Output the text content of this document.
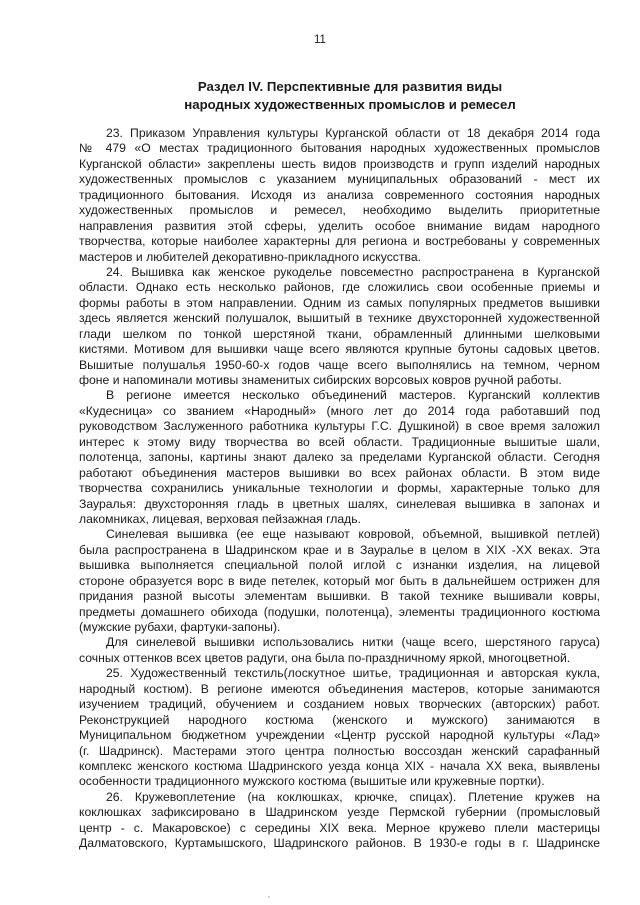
11
Раздел IV. Перспективные для развития виды
народных художественных промыслов и ремесел
23. Приказом Управления культуры Курганской области от 18 декабря 2014 года
№ 479 «О местах традиционного бытования народных художественных промыслов
Курганской области» закреплены шесть видов производств и групп изделий народных
художественных промыслов с указанием муниципальных образований - мест их
традиционного бытования. Исходя из анализа современного состояния народных
художественных промыслов и ремесел, необходимо выделить приоритетные
направления развития этой сферы, уделить особое внимание видам народного
творчества, которые наиболее характерны для региона и востребованы у современных
мастеров и любителей декоративно-прикладного искусства.
24. Вышивка как женское рукоделье повсеместно распространена в Курганской
области. Однако есть несколько районов, где сложились свои особенные приемы и
формы работы в этом направлении. Одним из самых популярных предметов вышивки
здесь является женский полушалок, вышитый в технике двухсторонней художественной
глади шелком по тонкой шерстяной ткани, обрамленный длинными шелковыми
кистями. Мотивом для вышивки чаще всего являются крупные бутоны садовых цветов.
Вышитые полушалья 1950-60-х годов чаще всего выполнялись на темном, черном
фоне и напоминали мотивы знаменитых сибирских ворсовых ковров ручной работы.
В регионе имеется несколько объединений мастеров. Курганский коллектив
«Кудесница» со званием «Народный» (много лет до 2014 года работавший под
руководством Заслуженного работника культуры Г.С. Душкиной) в свое время заложил
интерес к этому виду творчества во всей области. Традиционные вышитые шали,
полотенца, запоны, картины знают далеко за пределами Курганской области. Сегодня
работают объединения мастеров вышивки во всех районах области. В этом виде
творчества сохранились уникальные технологии и формы, характерные только для
Зауралья: двухсторонняя гладь в цветных шалях, синелевая вышивка в запонах и
лакомниках, лицевая, верховая пейзажная гладь.
Синелевая вышивка (ее еще называют ковровой, объемной, вышивкой петлей)
была распространена в Шадринском крае и в Зауралье в целом в XIX -XX веках. Эта
вышивка выполняется специальной полой иглой с изнанки изделия, на лицевой
стороне образуется ворс в виде петелек, который мог быть в дальнейшем острижен для
придания разной высоты элементам вышивки. В такой технике вышивали ковры,
предметы домашнего обихода (подушки, полотенца), элементы традиционного костюма
(мужские рубахи, фартуки-запоны).
Для синелевой вышивки использовались нитки (чаще всего, шерстяного гаруса)
сочных оттенков всех цветов радуги, она была по-праздничному яркой, многоцветной.
25. Художественный текстиль(лоскутное шитье, традиционная и авторская кукла,
народный костюм). В регионе имеются объединения мастеров, которые занимаются
изучением традиций, обучением и созданием новых творческих (авторских) работ.
Реконструкцией народного костюма (женского и мужского) занимаются в
Муниципальном бюджетном учреждении «Центр русской народной культуры «Лад»
(г. Шадринск). Мастерами этого центра полностью воссоздан женский сарафанный
комплекс женского костюма Шадринского уезда конца XIX - начала XX века, выявлены
особенности традиционного мужского костюма (вышитые или кружевные портки).
26. Кружевоплетение (на коклюшках, крючке, спицах). Плетение кружев на
коклюшках зафиксировано в Шадринском уезде Пермской губернии (промысловый
центр - с. Макаровское) с середины XIX века. Мерное кружево плели мастерицы
Далматовского, Куртамышского, Шадринского районов. В 1930-е годы в г. Шадринске
